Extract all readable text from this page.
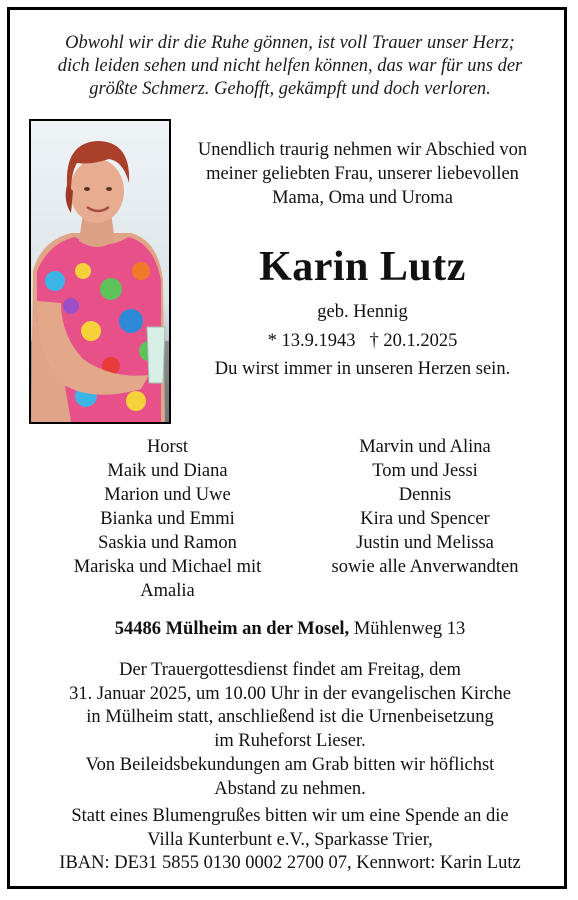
Obwohl wir dir die Ruhe gönnen, ist voll Trauer unser Herz;
dich leiden sehen und nicht helfen können, das war für uns der
größte Schmerz. Gehofft, gekämpft und doch verloren.
Unendlich traurig nehmen wir Abschied von
meiner geliebten Frau, unserer liebevollen
Mama, Oma und Uroma
Karin Lutz
geb. Hennig
* 13.9.1943 † 20.1.2025
Du wirst immer in unseren Herzen sein.
Horst
Maik und Diana
Marion und Uwe
Bianka und Emmi
Saskia und Ramon
Mariska und Michael mit
Amalia
Marvin und Alina
Tom und Jessi
Dennis
Kira und Spencer
Justin und Melissa
sowie alle Anverwandten
54486 Mülheim an der Mosel, Mühlenweg 13
Der Trauergottesdienst findet am Freitag, dem
31. Januar 2025, um 10.00 Uhr in der evangelischen Kirche
in Mülheim statt, anschließend ist die Urnenbeisetzung
im Ruheforst Lieser.
Von Beileidsbekundungen am Grab bitten wir höflichst
Abstand zu nehmen.
Statt eines Blumengrußes bitten wir um eine Spende an die
Villa Kunterbunt e.V., Sparkasse Trier,
IBAN: DE31 5855 0130 0002 2700 07, Kennwort: Karin Lutz
